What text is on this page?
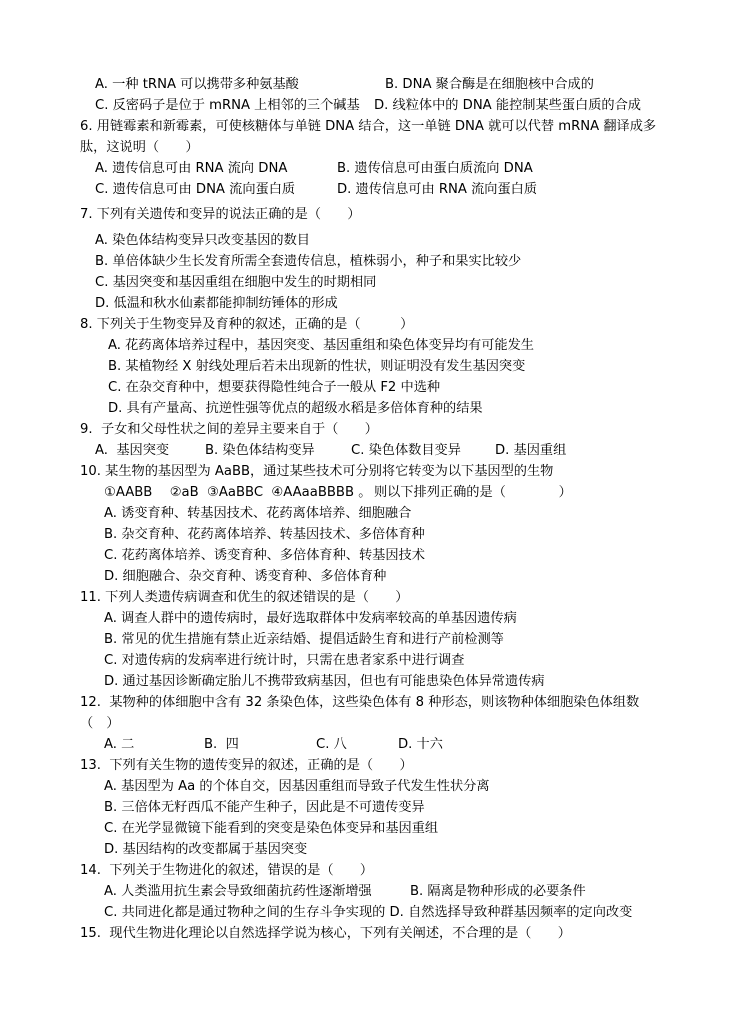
A. 一种 tRNA 可以携带多种氨基酸	B. DNA 聚合酶是在细胞核中合成的
C. 反密码子是位于 mRNA 上相邻的三个碱基 D. 线粒体中的 DNA 能控制某些蛋白质的合成
6. 用链霉素和新霉素，可使核糖体与单链 DNA 结合，这一单链 DNA 就可以代替 mRNA 翻译成多
肽，这说明（　　）
A. 遗传信息可由 RNA 流向 DNA	B. 遗传信息可由蛋白质流向 DNA
C. 遗传信息可由 DNA 流向蛋白质	D. 遗传信息可由 RNA 流向蛋白质
7. 下列有关遗传和变异的说法正确的是（　　）
A. 染色体结构变异只改变基因的数目
B. 单倍体缺少生长发育所需全套遗传信息，植株弱小，种子和果实比较少
C. 基因突变和基因重组在细胞中发生的时期相同
D. 低温和秋水仙素都能抑制纺锤体的形成
8. 下列关于生物变异及育种的叙述，正确的是（　　　）
A. 花药离体培养过程中，基因突变、基因重组和染色体变异均有可能发生
B. 某植物经 X 射线处理后若未出现新的性状，则证明没有发生基因突变
C. 在杂交育种中，想要获得隐性纯合子一般从 F2 中选种
D. 具有产量高、抗逆性强等优点的超级水稻是多倍体育种的结果
9.  子女和父母性状之间的差异主要来自于（　　）
A.  基因突变	B. 染色体结构变异	C. 染色体数目变异	D. 基因重组
10. 某生物的基因型为 AaBB，通过某些技术可分别将它转变为以下基因型的生物
①AABB　 ②aB  ③AaBBC  ④AAaaBBBB 。 则以下排列正确的是（　　　　）
A. 诱变育种、转基因技术、花药离体培养、细胞融合
B. 杂交育种、花药离体培养、转基因技术、多倍体育种
C. 花药离体培养、诱变育种、多倍体育种、转基因技术
D. 细胞融合、杂交育种、诱变育种、多倍体育种
11. 下列人类遗传病调查和优生的叙述错误的是（　　）
A. 调查人群中的遗传病时，最好选取群体中发病率较高的单基因遗传病
B. 常见的优生措施有禁止近亲结婚、提倡适龄生育和进行产前检测等
C. 对遗传病的发病率进行统计时，只需在患者家系中进行调查
D. 通过基因诊断确定胎儿不携带致病基因，但也有可能患染色体异常遗传病
12.  某物种的体细胞中含有 32 条染色体，这些染色体有 8 种形态，则该物种体细胞染色体组数
（　）
A. 二	B.  四	C. 八	D. 十六
13.  下列有关生物的遗传变异的叙述，正确的是（　　）
A. 基因型为 Aa 的个体自交，因基因重组而导致子代发生性状分离
B. 三倍体无籽西瓜不能产生种子，因此是不可遗传变异
C. 在光学显微镜下能看到的突变是染色体变异和基因重组
D. 基因结构的改变都属于基因突变
14.  下列关于生物进化的叙述，错误的是（　　）
A. 人类滥用抗生素会导致细菌抗药性逐渐增强	B. 隔离是物种形成的必要条件
C. 共同进化都是通过物种之间的生存斗争实现的 D. 自然选择导致种群基因频率的定向改变
15.  现代生物进化理论以自然选择学说为核心，下列有关阐述，不合理的是（　　）
